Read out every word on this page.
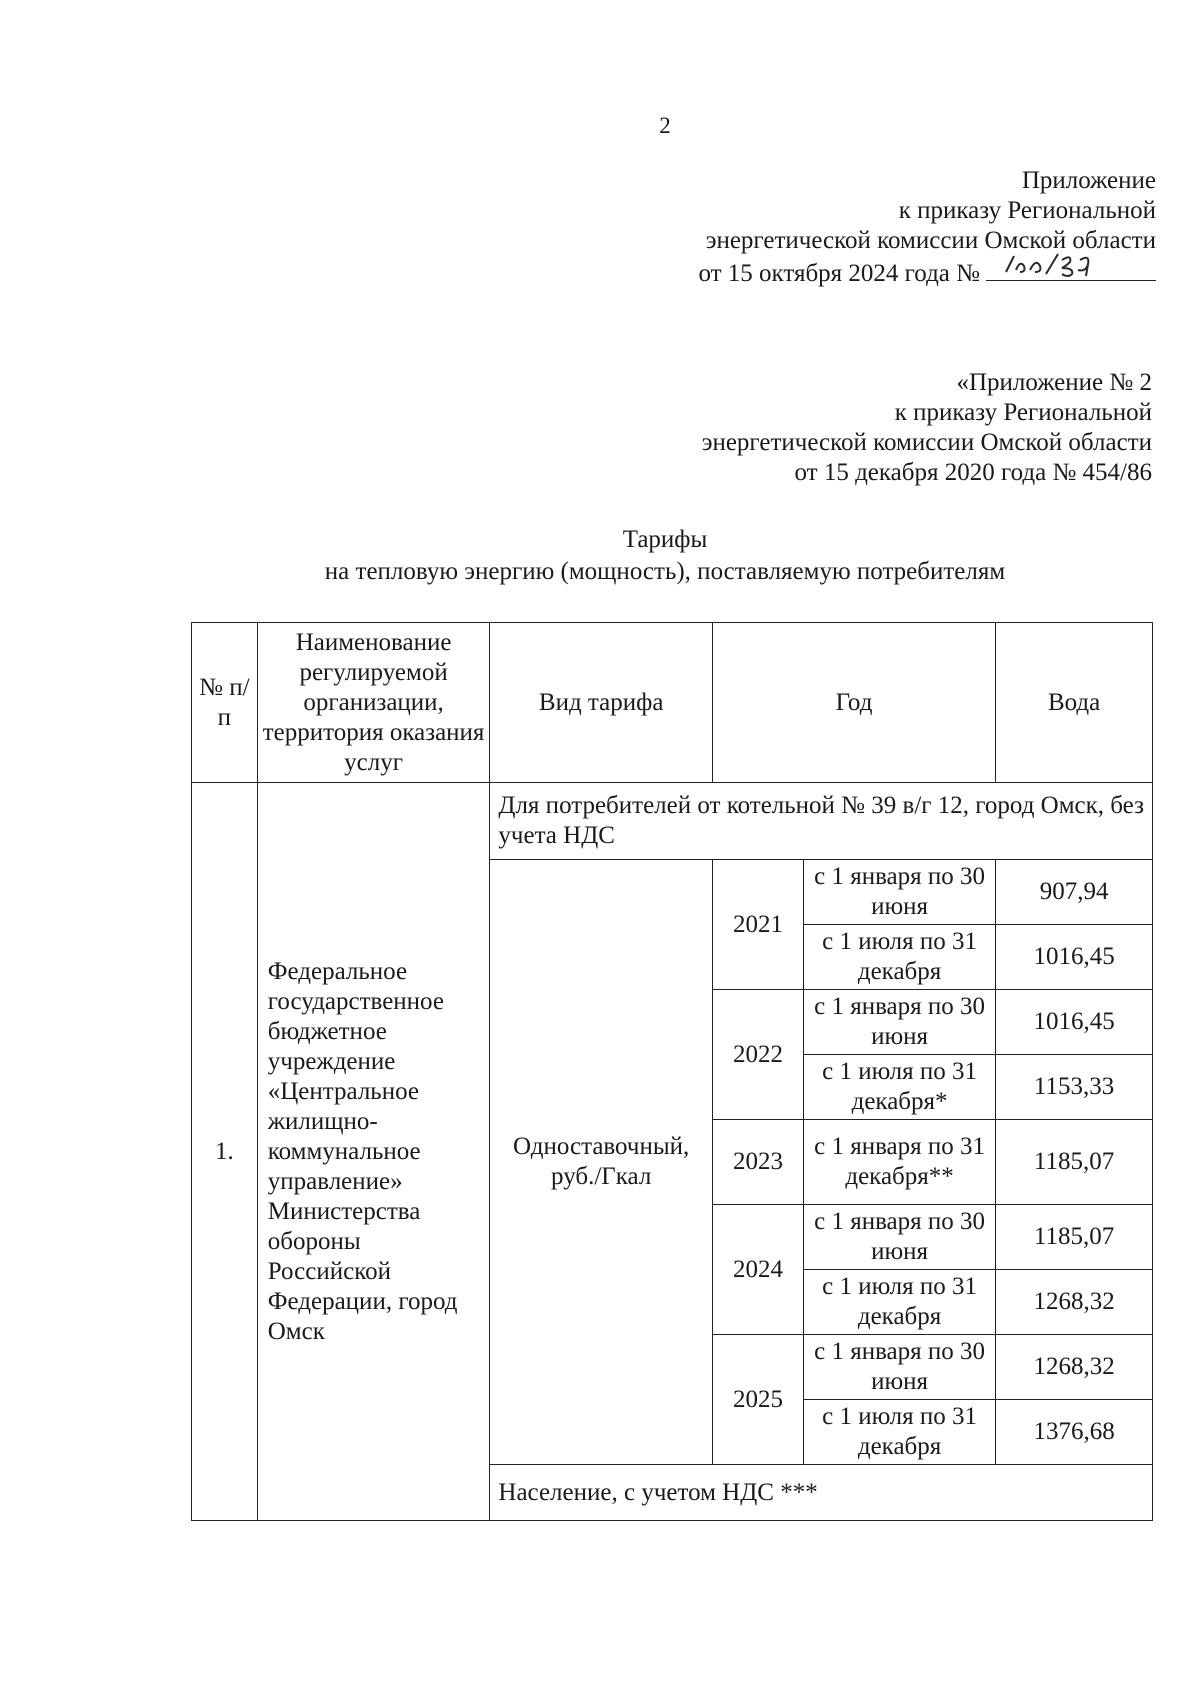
2
Приложение
к приказу Региональной
энергетической комиссии Омской области
от 15 октября 2024 года №
«Приложение № 2
к приказу Региональной
энергетической комиссии Омской области
от 15 декабря 2020 года № 454/86
Тарифы
на тепловую энергию (мощность), поставляемую потребителям
№ п/п	Наименование регулируемой организации, территория оказания услуг	Вид тарифа	Год		Вода
1.	Федеральное государственное бюджетное учреждение «Центральное жилищно-коммунальное управление» Министерства обороны Российской Федерации, город Омск	Для потребителей от котельной № 39 в/г 12, город Омск, без учета НДС			
		Одноставочный, руб./Гкал	2021	с 1 января по 30 июня	907,94
				с 1 июля по 31 декабря	1016,45
			2022	с 1 января по 30 июня	1016,45
				с 1 июля по 31 декабря*	1153,33
			2023	с 1 января по 31 декабря**	1185,07
			2024	с 1 января по 30 июня	1185,07
				с 1 июля по 31 декабря	1268,32
			2025	с 1 января по 30 июня	1268,32
				с 1 июля по 31 декабря	1376,68

		Население, с учетом НДС ***			
